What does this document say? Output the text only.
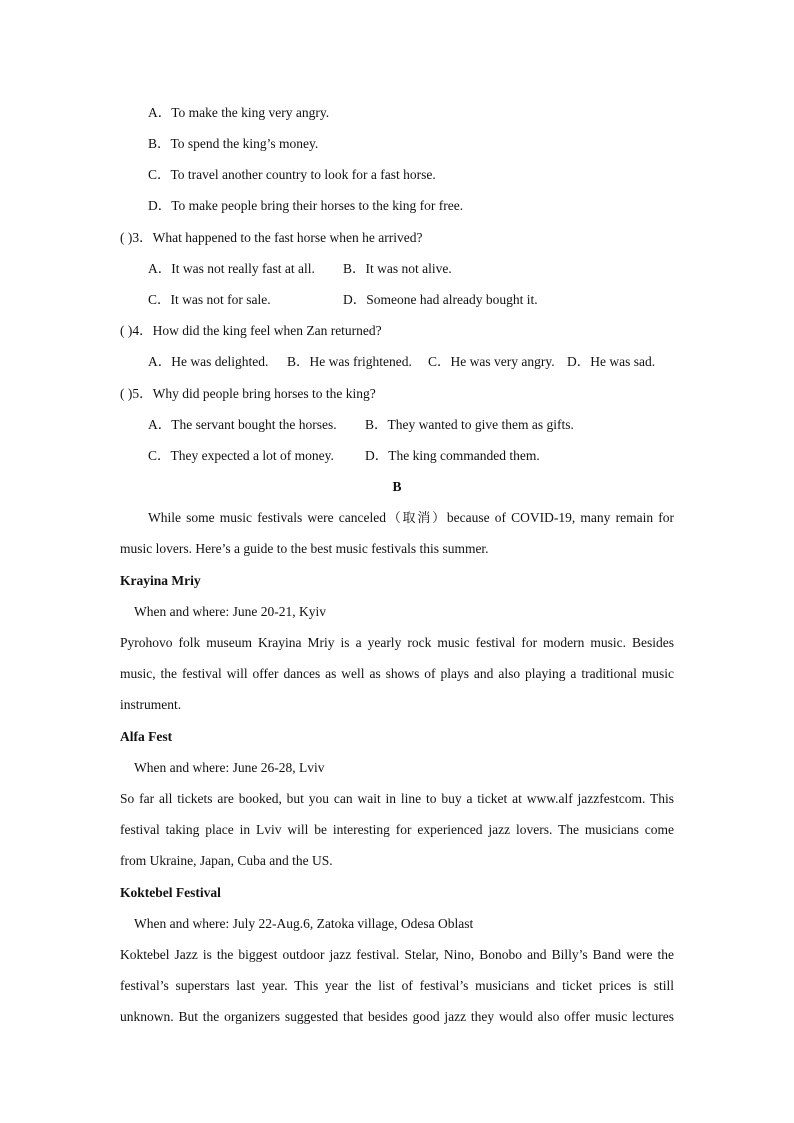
A．To make the king very angry.
B．To spend the king’s money.
C．To travel another country to look for a fast horse.
D．To make people bring their horses to the king for free.
( )3．What happened to the fast horse when he arrived?
A．It was not really fast at all. B．It was not alive.
C．It was not for sale.	D．Someone had already bought it.
( )4．How did the king feel when Zan returned?
A．He was delighted. B．He was frightened. C．He was very angry. D．He was sad.
( )5．Why did people bring horses to the king?
A．The servant bought the horses. B．They wanted to give them as gifts.
C．They expected a lot of money. D．The king commanded them.
B
While some music festivals were canceled（取消）because of COVID-19, many remain for
music lovers. Here’s a guide to the best music festivals this summer.
Krayina Mriy
When and where: June 20-21, Kyiv
Pyrohovo folk museum Krayina Mriy is a yearly rock music festival for modern music. Besides
music, the festival will offer dances as well as shows of plays and also playing a traditional music
instrument.
Alfa Fest
When and where: June 26-28, Lviv
So far all tickets are booked, but you can wait in line to buy a ticket at www.alf jazzfestcom. This
festival taking place in Lviv will be interesting for experienced jazz lovers. The musicians come
from Ukraine, Japan, Cuba and the US.
Koktebel Festival
When and where: July 22-Aug.6, Zatoka village, Odesa Oblast
Koktebel Jazz is the biggest outdoor jazz festival. Stelar, Nino, Bonobo and Billy’s Band were the
festival’s superstars last year. This year the list of festival’s musicians and ticket prices is still
unknown. But the organizers suggested that besides good jazz they would also offer music lectures
